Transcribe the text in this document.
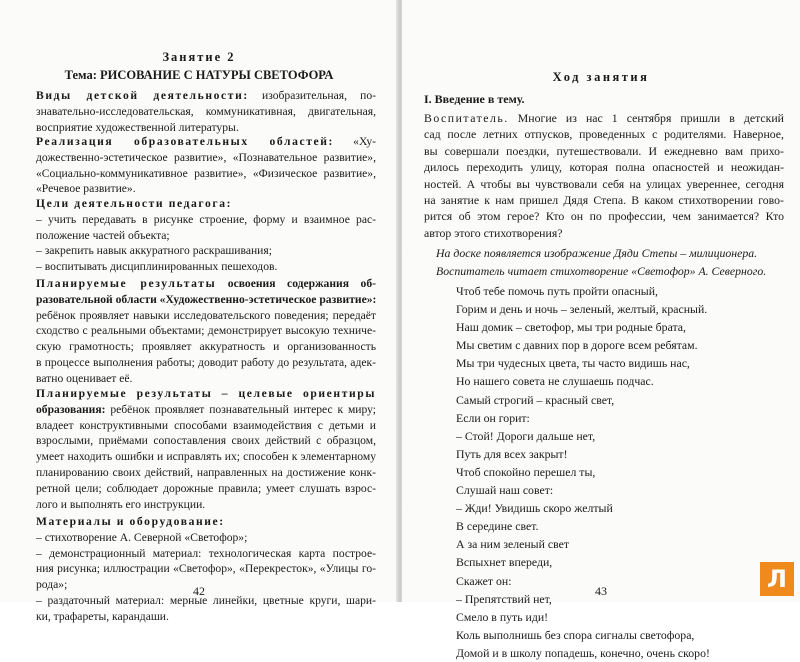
Занятие 2
Тема: РИСОВАНИЕ С НАТУРЫ СВЕТОФОРА
Виды детской деятельности: изобразительная, по-
знавательно-исследовательская, коммуникативная, двигательная,
восприятие художественной литературы.
Реализация образовательных областей: «Ху-
дожественно-эстетическое развитие», «Познавательное развитие»,
«Социально-коммуникативное развитие», «Физическое развитие»,
«Речевое развитие».
Цели деятельности педагога:
– учить передавать в рисунке строение, форму и взаимное рас-
положение частей объекта;
– закрепить навык аккуратного раскрашивания;
– воспитывать дисциплинированных пешеходов.
Планируемые результаты освоения содержания об-
разовательной области «Художественно-эстетическое развитие»:
ребёнок проявляет навыки исследовательского поведения; передаёт
сходство с реальными объектами; демонстрирует высокую техниче-
скую грамотность; проявляет аккуратность и организованность
в процессе выполнения работы; доводит работу до результата, адек-
ватно оценивает её.
Планируемые результаты – целевые ориентиры
образования: ребёнок проявляет познавательный интерес к миру;
владеет конструктивными способами взаимодействия с детьми и
взрослыми, приёмами сопоставления своих действий с образцом,
умеет находить ошибки и исправлять их; способен к элементарному
планированию своих действий, направленных на достижение конк-
ретной цели; соблюдает дорожные правила; умеет слушать взрос-
лого и выполнять его инструкции.
Материалы и оборудование:
– стихотворение А. Северной «Светофор»;
– демонстрационный материал: технологическая карта построе-
ния рисунка; иллюстрации «Светофор», «Перекресток», «Улицы го-
рода»;
– раздаточный материал: мерные линейки, цветные круги, шари-
ки, трафареты, карандаши.
42
Ход занятия
I. Введение в тему.
Воспитатель. Многие из нас 1 сентября пришли в детский
сад после летних отпусков, проведенных с родителями. Наверное,
вы совершали поездки, путешествовали. И ежедневно вам прихо-
дилось переходить улицу, которая полна опасностей и неожидан-
ностей. А чтобы вы чувствовали себя на улицах увереннее, сегодня
на занятие к нам пришел Дядя Степа. В каком стихотворении гово-
рится об этом герое? Кто он по профессии, чем занимается? Кто
автор этого стихотворения?
На доске появляется изображение Дяди Степы – милиционера.
Воспитатель читает стихотворение «Светофор» А. Северного.
Чтоб тебе помочь путь пройти опасный,
Горим и день и ночь – зеленый, желтый, красный.
Наш домик – светофор, мы три родные брата,
Мы светим с давних пор в дороге всем ребятам.
Мы три чудесных цвета, ты часто видишь нас,
Но нашего совета не слушаешь подчас.
Самый строгий – красный свет,
Если он горит:
– Стой! Дороги дальше нет,
Путь для всех закрыт!
Чтоб спокойно перешел ты,
Слушай наш совет:
– Жди! Увидишь скоро желтый
В середине свет.
А за ним зеленый свет
Вспыхнет впереди,
Скажет он:
– Препятствий нет,
Смело в путь иди!
Коль выполнишь без спора сигналы светофора,
Домой и в школу попадешь, конечно, очень скоро!
43	Л
